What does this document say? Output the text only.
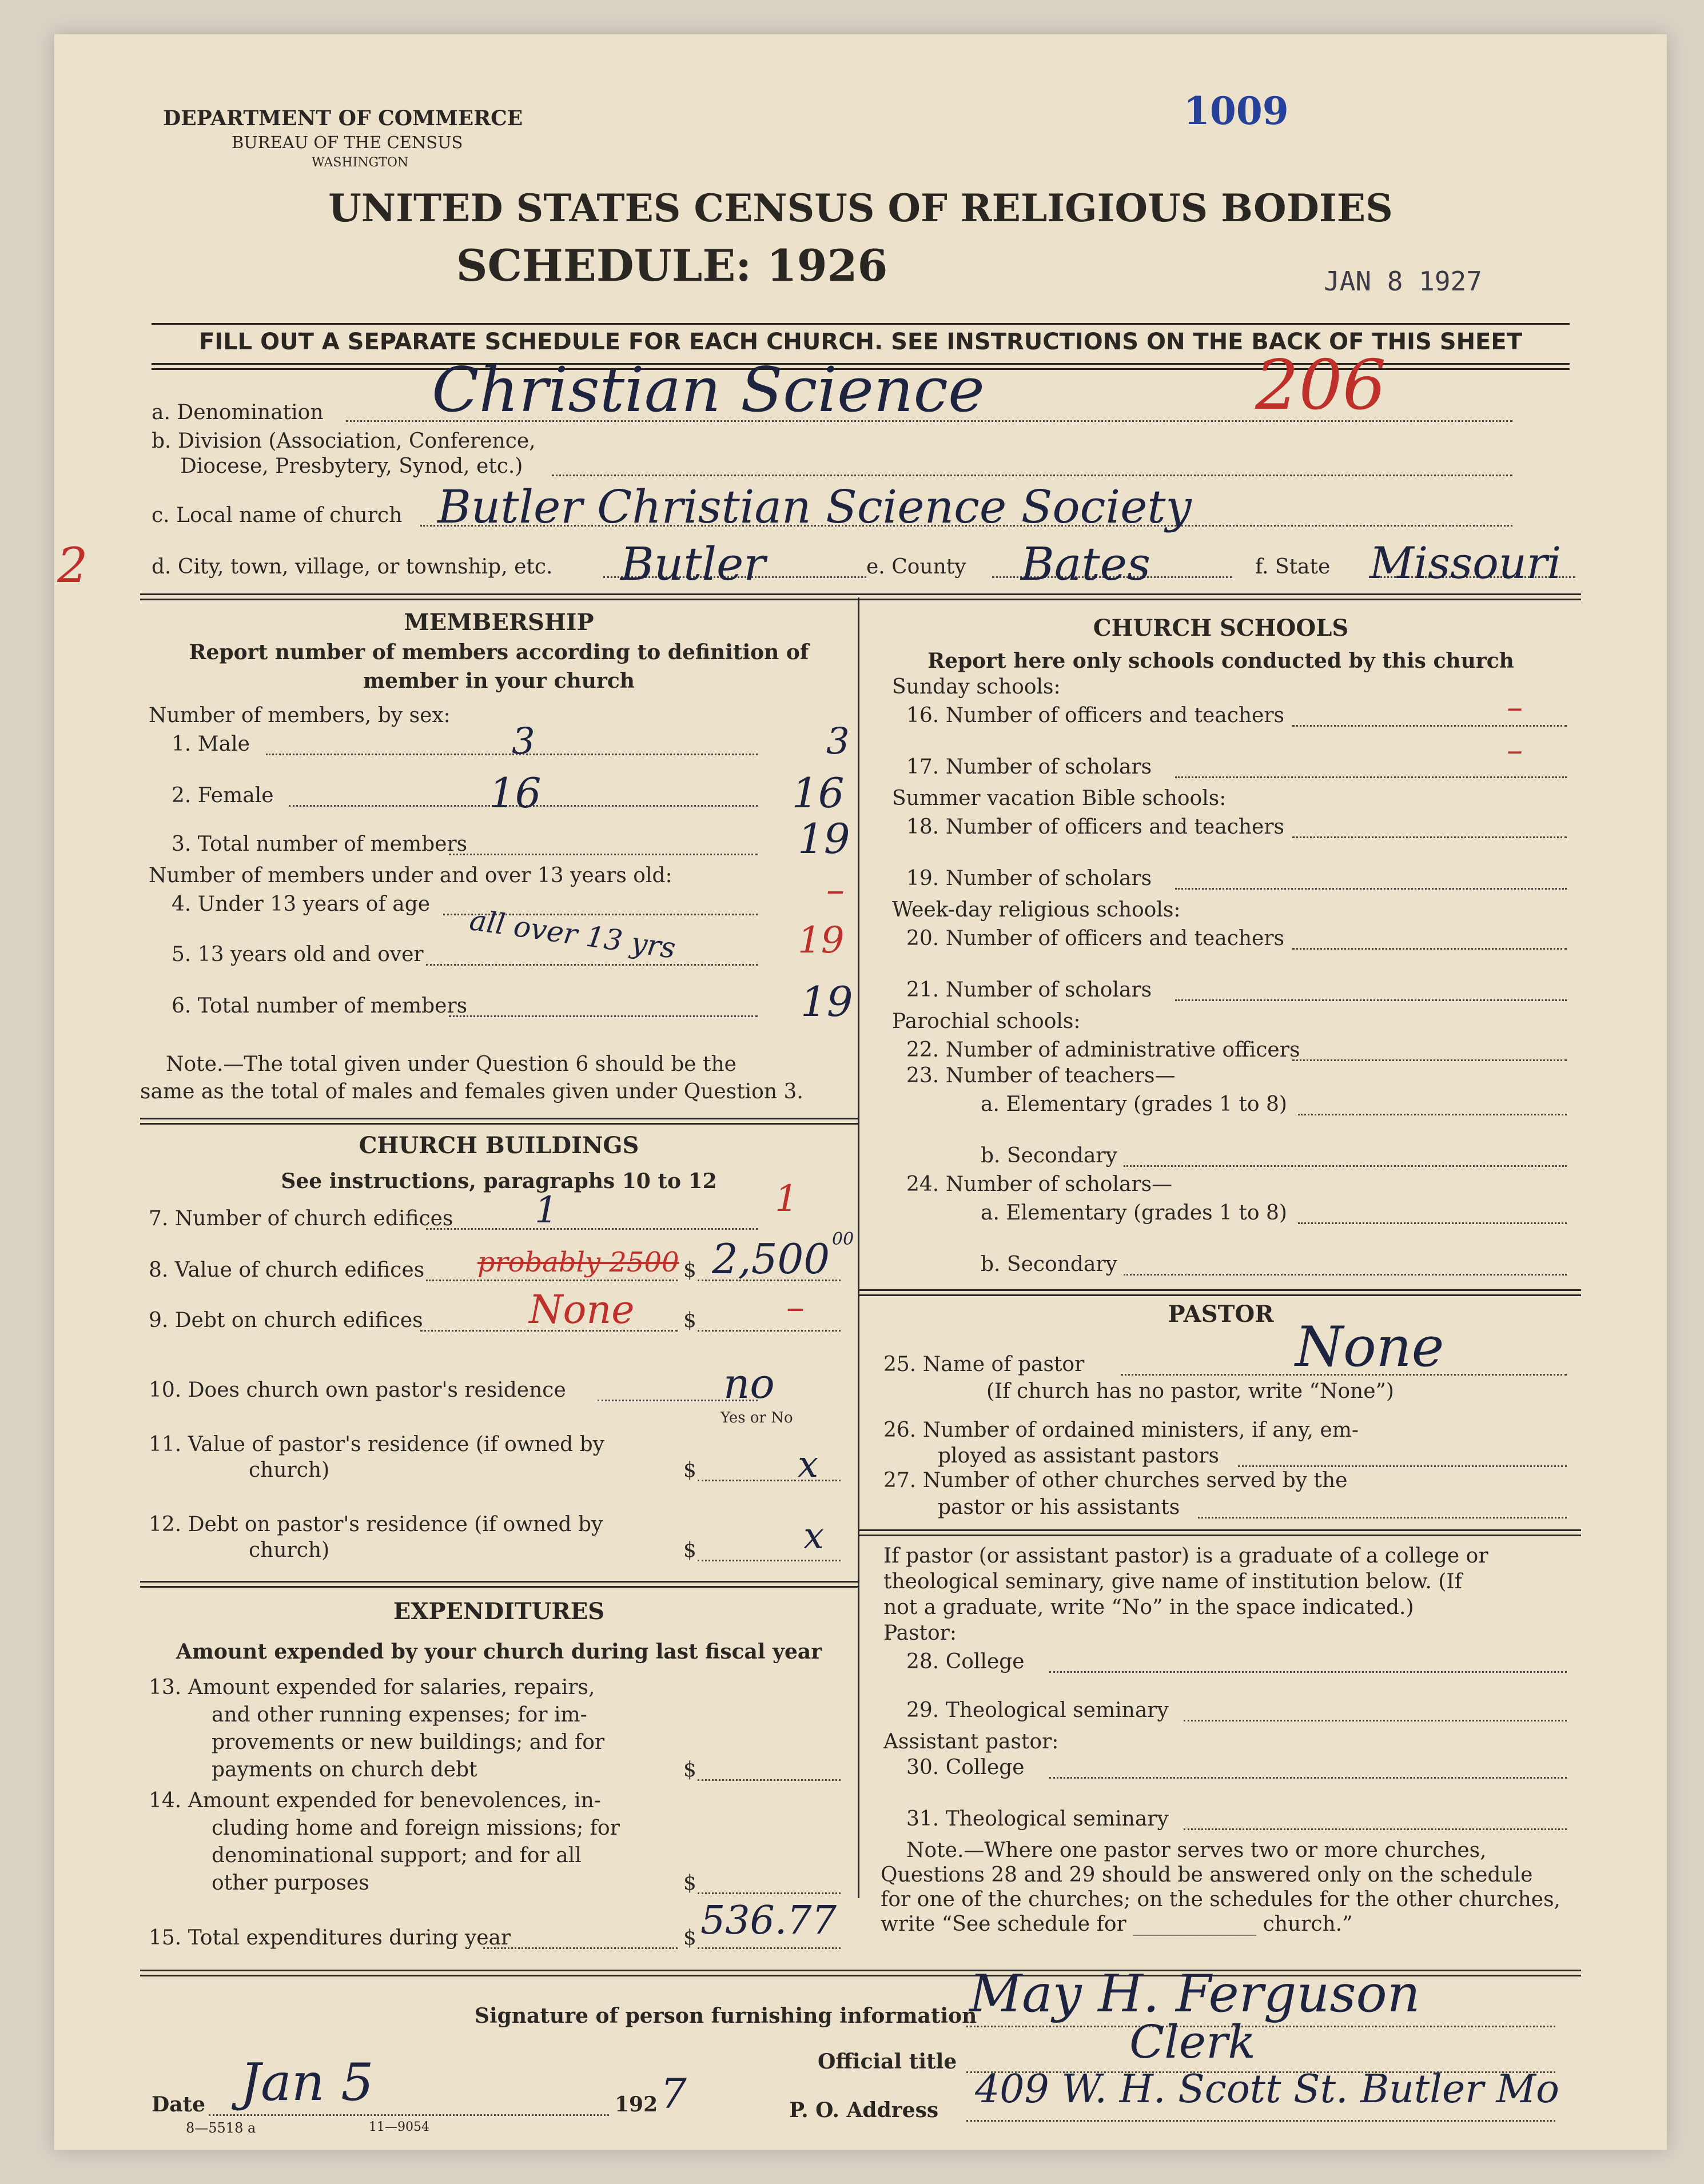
DEPARTMENT OF COMMERCE
BUREAU OF THE CENSUS
WASHINGTON
1009
UNITED STATES CENSUS OF RELIGIOUS BODIES
SCHEDULE: 1926	JAN 8 1927
FILL OUT A SEPARATE SCHEDULE FOR EACH CHURCH. SEE INSTRUCTIONS ON THE BACK OF THIS SHEET
a. Denomination Christian Science	206
b. Division (Association, Conference,
Diocese, Presbytery, Synod, etc.)
c. Local name of church Butler Christian Science Society
2	d. City, town, village, or township, etc. Butler	e. County Bates	f. State Missouri
MEMBERSHIP
Report number of members according to definition of
member in your church
Number of members, by sex:
1. Male	3	3
2. Female	16	16
3. Total number of members	19
Number of members under and over 13 years old:
4. Under 13 years of age	–
5. 13 years old and over all over 13 yrs	19
6. Total number of members	19
Note.—The total given under Question 6 should be the
same as the total of males and females given under Question 3.
CHURCH BUILDINGS
See instructions, paragraphs 10 to 12
7. Number of church edifices 1	1
8. Value of church edifices probably 2500 $ 2,500 00
9. Debt on church edifices	None $ –
10. Does church own pastor's residence	no
Yes or No
11. Value of pastor's residence (if owned by
church)	$	x
12. Debt on pastor's residence (if owned by
church)	$	x
EXPENDITURES
Amount expended by your church during last fiscal year
13. Amount expended for salaries, repairs,
and other running expenses; for im-
provements or new buildings; and for
payments on church debt	$
14. Amount expended for benevolences, in-
cluding home and foreign missions; for
denominational support; and for all
other purposes	$
15. Total expenditures during year	$ 536.77
CHURCH SCHOOLS
Report here only schools conducted by this church
Sunday schools:
16. Number of officers and teachers	–
17. Number of scholars	–
Summer vacation Bible schools:
18. Number of officers and teachers
19. Number of scholars
Week-day religious schools:
20. Number of officers and teachers
21. Number of scholars
Parochial schools:
22. Number of administrative officers
23. Number of teachers—
a. Elementary (grades 1 to 8)
b. Secondary
24. Number of scholars—
a. Elementary (grades 1 to 8)
b. Secondary
PASTOR
25. Name of pastor	None
(If church has no pastor, write “None”)
26. Number of ordained ministers, if any, em-
ployed as assistant pastors
27. Number of other churches served by the
pastor or his assistants
If pastor (or assistant pastor) is a graduate of a college or
theological seminary, give name of institution below. (If
not a graduate, write “No” in the space indicated.)
Pastor:
28. College
29. Theological seminary
Assistant pastor:
30. College
31. Theological seminary
Note.—Where one pastor serves two or more churches,
Questions 28 and 29 should be answered only on the schedule
for one of the churches; on the schedules for the other churches,
write “See schedule for ____________ church.”
Signature of person furnishing information
May H. Ferguson
Official title	Clerk
Date Jan 5	192 7
8—5518 a	11—9054
P. O. Address 409 W. H. Scott St. Butler Mo
